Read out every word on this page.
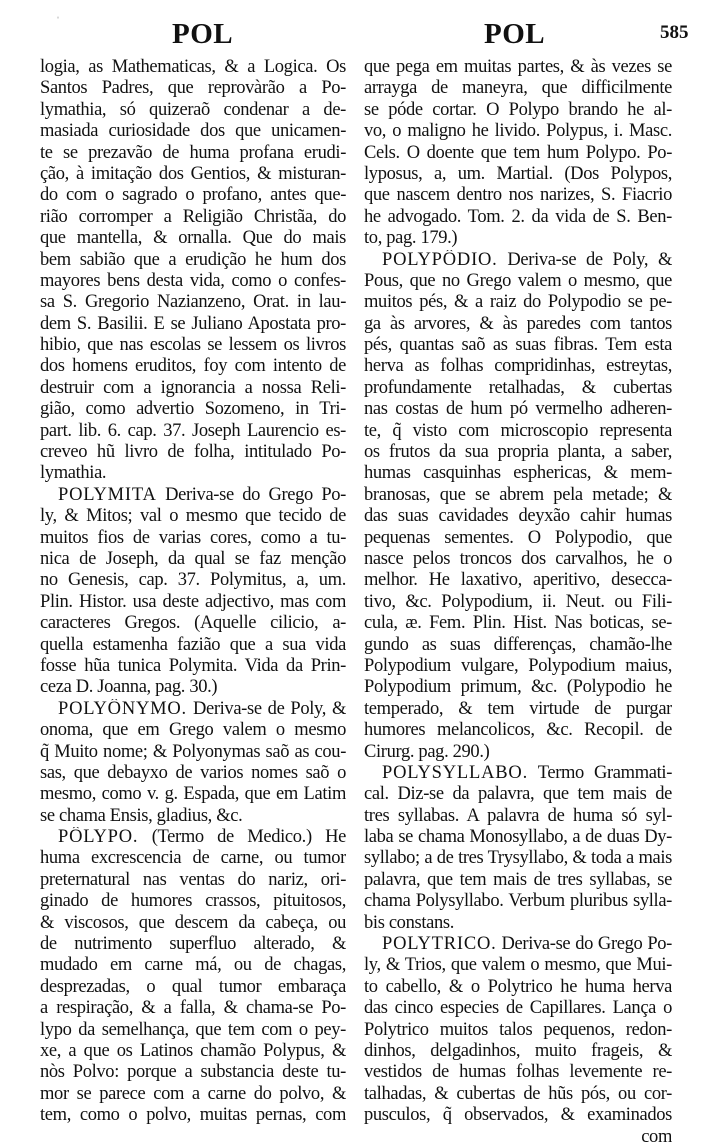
ˈ	POL	POL	585
logia, as Mathematicas, & a Logica. Os
Santos Padres, que reprovàrão a Po-
lymathia, só quizeraõ condenar a de-
masiada curiosidade dos que unicamen-
te se prezavão de huma profana erudi-
ção, à imitação dos Gentios, & misturan-
do com o sagrado o profano, antes que-
rião corromper a Religião Christãa, do
que mantella, & ornalla. Que do mais
bem sabião que a erudição he hum dos
mayores bens desta vida, como o confes-
sa S. Gregorio Nazianzeno, Orat. in lau-
dem S. Basilii. E se Juliano Apostata pro-
hibio, que nas escolas se lessem os livros
dos homens eruditos, foy com intento de
destruir com a ignorancia a nossa Reli-
gião, como advertio Sozomeno, in Tri-
part. lib. 6. cap. 37. Joseph Laurencio es-
creveo hũ livro de folha, intitulado Po-
lymathia.
POLYMITA Deriva-se do Grego Po-
ly, & Mitos; val o mesmo que tecido de
muitos fios de varias cores, como a tu-
nica de Joseph, da qual se faz menção
no Genesis, cap. 37. Polymitus, a, um.
Plin. Histor. usa deste adjectivo, mas com
caracteres Gregos. (Aquelle cilicio, a-
quella estamenha fazião que a sua vida
fosse hũa tunica Polymita. Vida da Prin-
ceza D. Joanna, pag. 30.)
POLYÔNYMO. Deriva-se de Poly, &
onoma, que em Grego valem o mesmo
q̃ Muito nome; & Polyonymas saõ as cou-
sas, que debayxo de varios nomes saõ o
mesmo, como v. g. Espada, que em Latim
se chama Ensis, gladius, &c.
PÔLYPO. (Termo de Medico.) He
huma excrescencia de carne, ou tumor
preternatural nas ventas do nariz, ori-
ginado de humores crassos, pituitosos,
& viscosos, que descem da cabeça, ou
de nutrimento superfluo alterado, &
mudado em carne má, ou de chagas,
desprezadas, o qual tumor embaraça
a respiração, & a falla, & chama-se Po-
lypo da semelhança, que tem com o pey-
xe, a que os Latinos chamão Polypus, &
nòs Polvo: porque a substancia deste tu-
mor se parece com a carne do polvo, &
tem, como o polvo, muitas pernas, com
que pega em muitas partes, & às vezes se
arrayga de maneyra, que difficilmente
se póde cortar. O Polypo brando he al-
vo, o maligno he livido. Polypus, i. Masc.
Cels. O doente que tem hum Polypo. Po-
lyposus, a, um. Martial. (Dos Polypos,
que nascem dentro nos narizes, S. Fiacrio
he advogado. Tom. 2. da vida de S. Ben-
to, pag. 179.)
POLYPÔDIO. Deriva-se de Poly, &
Pous, que no Grego valem o mesmo, que
muitos pés, & a raiz do Polypodio se pe-
ga às arvores, & às paredes com tantos
pés, quantas saõ as suas fibras. Tem esta
herva as folhas compridinhas, estreytas,
profundamente retalhadas, & cubertas
nas costas de hum pó vermelho adheren-
te, q̃ visto com microscopio representa
os frutos da sua propria planta, a saber,
humas casquinhas esphericas, & mem-
branosas, que se abrem pela metade; &
das suas cavidades deyxão cahir humas
pequenas sementes. O Polypodio, que
nasce pelos troncos dos carvalhos, he o
melhor. He laxativo, aperitivo, desecca-
tivo, &c. Polypodium, ii. Neut. ou Fili-
cula, æ. Fem. Plin. Hist. Nas boticas, se-
gundo as suas differenças, chamão-lhe
Polypodium vulgare, Polypodium maius,
Polypodium primum, &c. (Polypodio he
temperado, & tem virtude de purgar
humores melancolicos, &c. Recopil. de
Cirurg. pag. 290.)
POLYSYLLABO. Termo Grammati-
cal. Diz-se da palavra, que tem mais de
tres syllabas. A palavra de huma só syl-
laba se chama Monosyllabo, a de duas Dy-
syllabo; a de tres Trysyllabo, & toda a mais
palavra, que tem mais de tres syllabas, se
chama Polysyllabo. Verbum pluribus sylla-
bis constans.
POLYTRICO. Deriva-se do Grego Po-
ly, & Trios, que valem o mesmo, que Mui-
to cabello, & o Polytrico he huma herva
das cinco especies de Capillares. Lança o
Polytrico muitos talos pequenos, redon-
dinhos, delgadinhos, muito frageis, &
vestidos de humas folhas levemente re-
talhadas, & cubertas de hũs pós, ou cor-
pusculos, q̃ observados, & examinados
com
